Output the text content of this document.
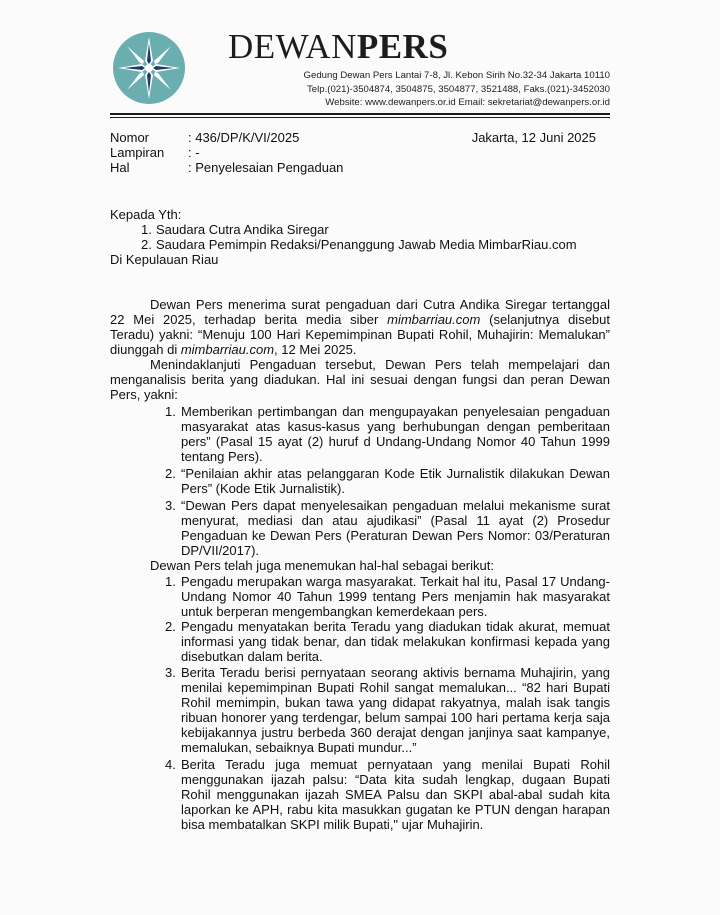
DEWANPERS
Gedung Dewan Pers Lantai 7-8, Jl. Kebon Sirih No.32-34 Jakarta 10110
Telp.(021)-3504874, 3504875, 3504877, 3521488, Faks.(021)-3452030
Website: www.dewanpers.or.id Email: sekretariat@dewanpers.or.id
Nomor	: 436/DP/K/VI/2025	Jakarta, 12 Juni 2025
Lampiran : -
Hal	: Penyelesaian Pengaduan
Kepada Yth:
1. Saudara Cutra Andika Siregar
2. Saudara Pemimpin Redaksi/Penanggung Jawab Media MimbarRiau.com
Di Kepulauan Riau
Dewan Pers menerima surat pengaduan dari Cutra Andika Siregar tertanggal
22 Mei 2025, terhadap berita media siber mimbarriau.com (selanjutnya disebut
Teradu) yakni: “Menuju 100 Hari Kepemimpinan Bupati Rohil, Muhajirin: Memalukan”
diunggah di mimbarriau.com, 12 Mei 2025.
Menindaklanjuti Pengaduan tersebut, Dewan Pers telah mempelajari dan
menganalisis berita yang diadukan. Hal ini sesuai dengan fungsi dan peran Dewan
Pers, yakni:
1. Memberikan pertimbangan dan mengupayakan penyelesaian pengaduan
masyarakat atas kasus-kasus yang berhubungan dengan pemberitaan
pers” (Pasal 15 ayat (2) huruf d Undang-Undang Nomor 40 Tahun 1999
tentang Pers).
2. “Penilaian akhir atas pelanggaran Kode Etik Jurnalistik dilakukan Dewan
Pers” (Kode Etik Jurnalistik).
3. “Dewan Pers dapat menyelesaikan pengaduan melalui mekanisme surat
menyurat, mediasi dan atau ajudikasi” (Pasal 11 ayat (2) Prosedur
Pengaduan ke Dewan Pers (Peraturan Dewan Pers Nomor: 03/Peraturan
DP/VII/2017).
Dewan Pers telah juga menemukan hal-hal sebagai berikut:
1. Pengadu merupakan warga masyarakat. Terkait hal itu, Pasal 17 Undang-
Undang Nomor 40 Tahun 1999 tentang Pers menjamin hak masyarakat
untuk berperan mengembangkan kemerdekaan pers.
2. Pengadu menyatakan berita Teradu yang diadukan tidak akurat, memuat
informasi yang tidak benar, dan tidak melakukan konfirmasi kepada yang
disebutkan dalam berita.
3. Berita Teradu berisi pernyataan seorang aktivis bernama Muhajirin, yang
menilai kepemimpinan Bupati Rohil sangat memalukan... “82 hari Bupati
Rohil memimpin, bukan tawa yang didapat rakyatnya, malah isak tangis
ribuan honorer yang terdengar, belum sampai 100 hari pertama kerja saja
kebijakannya justru berbeda 360 derajat dengan janjinya saat kampanye,
memalukan, sebaiknya Bupati mundur...”
4. Berita Teradu juga memuat pernyataan yang menilai Bupati Rohil
menggunakan ijazah palsu: “Data kita sudah lengkap, dugaan Bupati
Rohil menggunakan ijazah SMEA Palsu dan SKPI abal-abal sudah kita
laporkan ke APH, rabu kita masukkan gugatan ke PTUN dengan harapan
bisa membatalkan SKPI milik Bupati," ujar Muhajirin.
